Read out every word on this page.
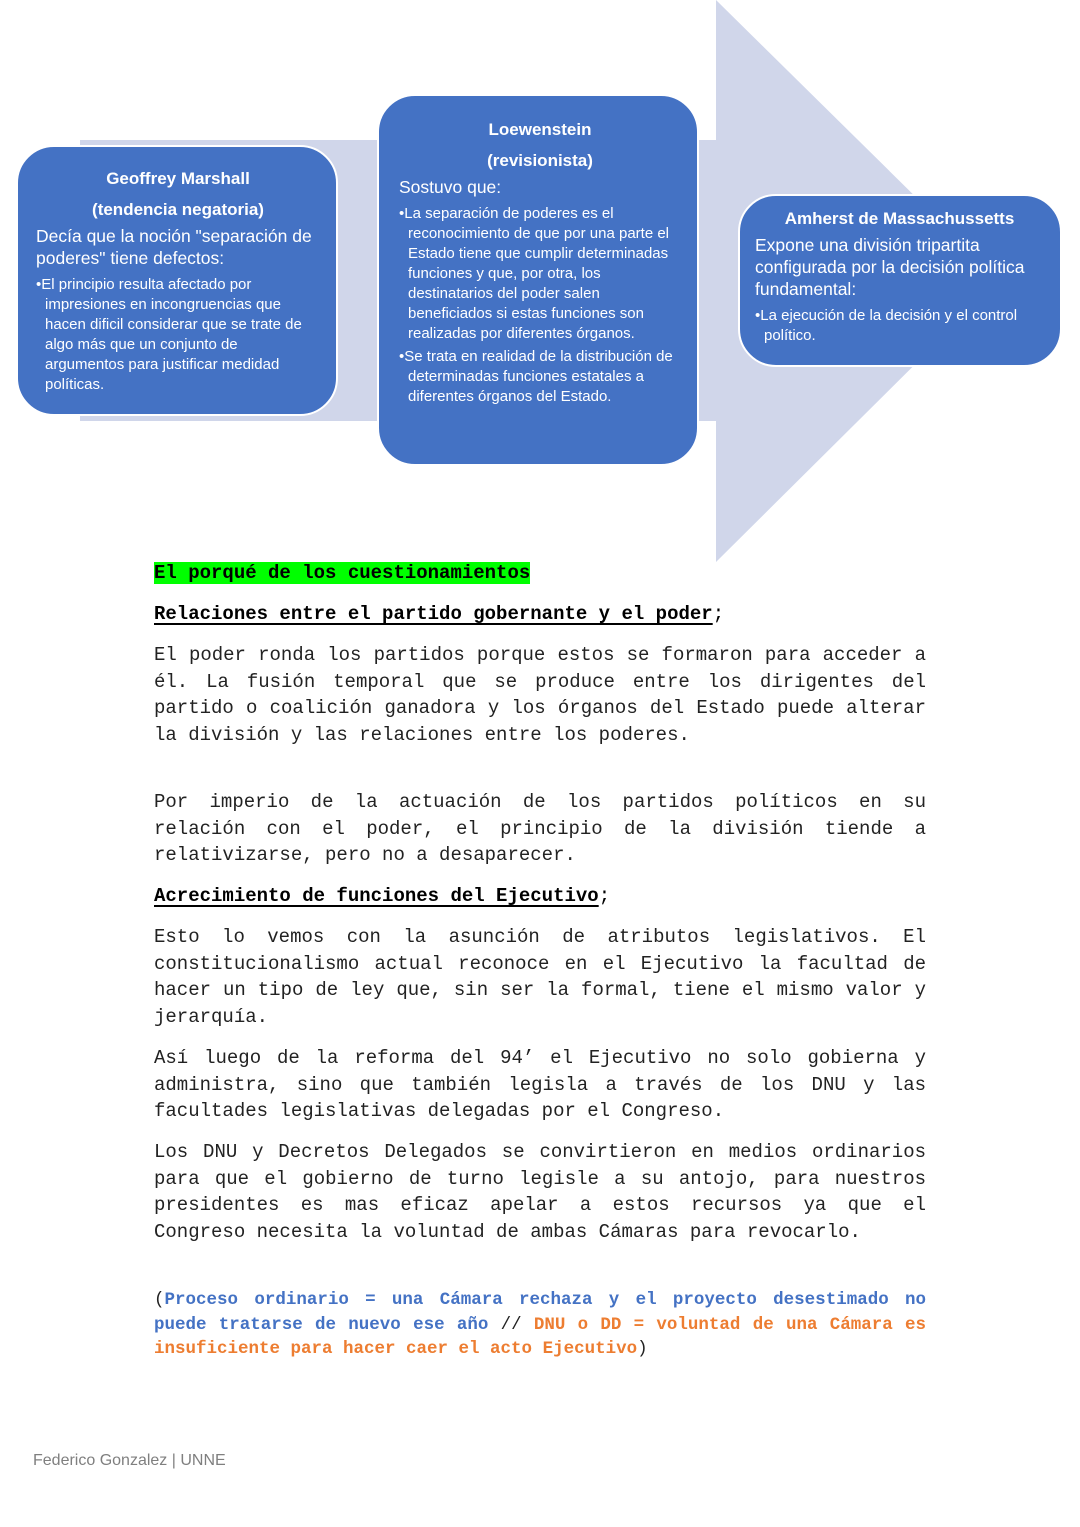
Geoffrey Marshall
(tendencia negatoria)
Decía que la noción "separación de poderes" tiene defectos:
• El principio resulta afectado por impresiones en incongruencias que hacen dificil considerar que se trate de algo más que un conjunto de argumentos para justificar medidad políticas.
Loewenstein
(revisionista)
Sostuvo que:
• La separación de poderes es el reconocimiento de que por una parte el Estado tiene que cumplir determinadas funciones y que, por otra, los destinatarios del poder salen beneficiados si estas funciones son realizadas por diferentes órganos.
• Se trata en realidad de la distribución de determinadas funciones estatales a diferentes órganos del Estado.
Amherst de Massachussetts
Expone una división tripartita configurada por la decisión política fundamental:
• La ejecución de la decisión y el control político.

El porqué de los cuestionamientos

Relaciones entre el partido gobernante y el poder;

El poder ronda los partidos porque estos se formaron para acceder a él. La fusión temporal que se produce entre los dirigentes del partido o coalición ganadora y los órganos del Estado puede alterar la división y las relaciones entre los poderes.

Por imperio de la actuación de los partidos políticos en su relación con el poder, el principio de la división tiende a relativizarse, pero no a desaparecer.

Acrecimiento de funciones del Ejecutivo;

Esto lo vemos con la asunción de atributos legislativos. El constitucionalismo actual reconoce en el Ejecutivo la facultad de hacer un tipo de ley que, sin ser la formal, tiene el mismo valor y jerarquía.

Así luego de la reforma del 94’ el Ejecutivo no solo gobierna y administra, sino que también legisla a través de los DNU y las facultades legislativas delegadas por el Congreso.

Los DNU y Decretos Delegados se convirtieron en medios ordinarios para que el gobierno de turno legisle a su antojo, para nuestros presidentes es mas eficaz apelar a estos recursos ya que el Congreso necesita la voluntad de ambas Cámaras para revocarlo.

(Proceso ordinario = una Cámara rechaza y el proyecto desestimado no puede tratarse de nuevo ese año // DNU o DD = voluntad de una Cámara es insuficiente para hacer caer el acto Ejecutivo)

Federico Gonzalez | UNNE
